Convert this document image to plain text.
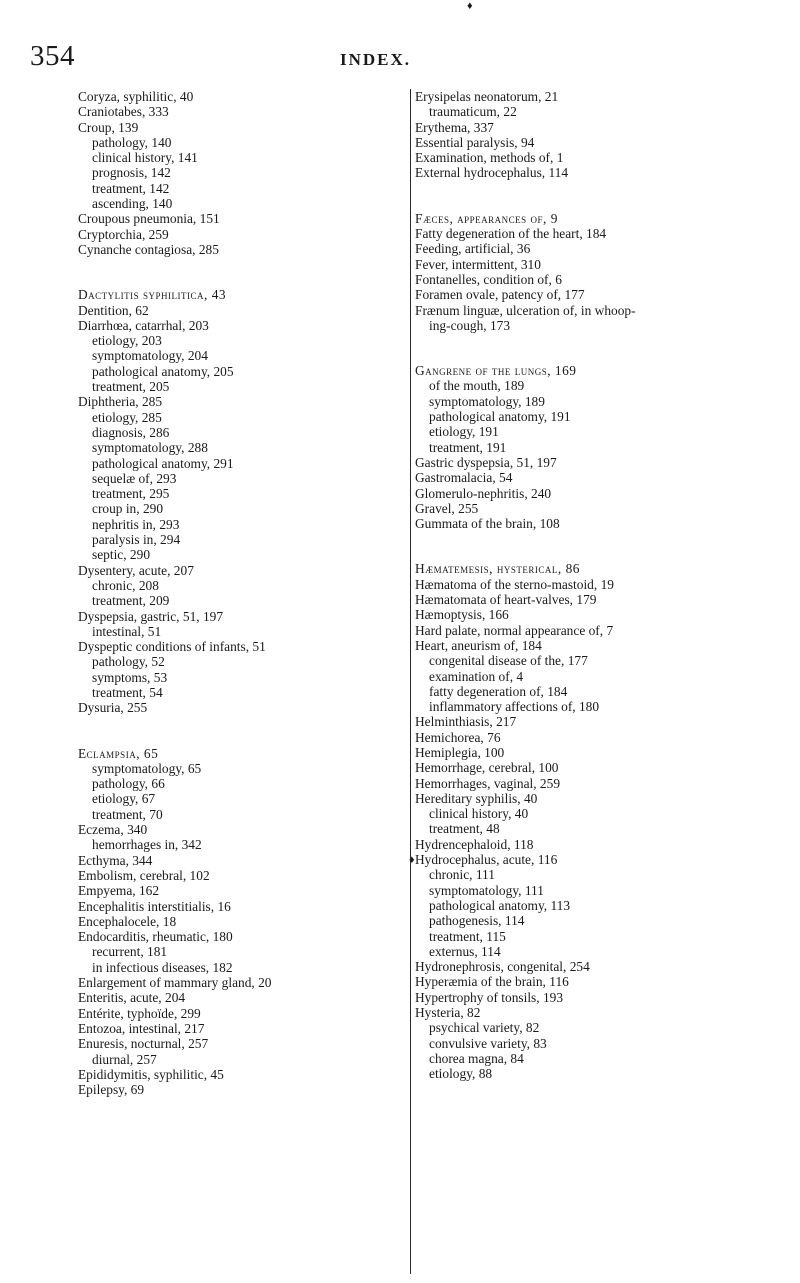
354	INDEX.
♦
♦
Coryza, syphilitic, 40
Craniotabes, 333
Croup, 139
pathology, 140
clinical history, 141
prognosis, 142
treatment, 142
ascending, 140
Croupous pneumonia, 151
Cryptorchia, 259
Cynanche contagiosa, 285
Dactylitis syphilitica, 43
Dentition, 62
Diarrhœa, catarrhal, 203
etiology, 203
symptomatology, 204
pathological anatomy, 205
treatment, 205
Diphtheria, 285
etiology, 285
diagnosis, 286
symptomatology, 288
pathological anatomy, 291
sequelæ of, 293
treatment, 295
croup in, 290
nephritis in, 293
paralysis in, 294
septic, 290
Dysentery, acute, 207
chronic, 208
treatment, 209
Dyspepsia, gastric, 51, 197
intestinal, 51
Dyspeptic conditions of infants, 51
pathology, 52
symptoms, 53
treatment, 54
Dysuria, 255
Eclampsia, 65
symptomatology, 65
pathology, 66
etiology, 67
treatment, 70
Eczema, 340
hemorrhages in, 342
Ecthyma, 344
Embolism, cerebral, 102
Empyema, 162
Encephalitis interstitialis, 16
Encephalocele, 18
Endocarditis, rheumatic, 180
recurrent, 181
in infectious diseases, 182
Enlargement of mammary gland, 20
Enteritis, acute, 204
Entérite, typhoïde, 299
Entozoa, intestinal, 217
Enuresis, nocturnal, 257
diurnal, 257
Epididymitis, syphilitic, 45
Epilepsy, 69
Erysipelas neonatorum, 21
traumaticum, 22
Erythema, 337
Essential paralysis, 94
Examination, methods of, 1
External hydrocephalus, 114
Fæces, appearances of, 9
Fatty degeneration of the heart, 184
Feeding, artificial, 36
Fever, intermittent, 310
Fontanelles, condition of, 6
Foramen ovale, patency of, 177
Frænum linguæ, ulceration of, in whoop-
ing-cough, 173
Gangrene of the lungs, 169
of the mouth, 189
symptomatology, 189
pathological anatomy, 191
etiology, 191
treatment, 191
Gastric dyspepsia, 51, 197
Gastromalacia, 54
Glomerulo-nephritis, 240
Gravel, 255
Gummata of the brain, 108
Hæmatemesis, hysterical, 86
Hæmatoma of the sterno-mastoid, 19
Hæmatomata of heart-valves, 179
Hæmoptysis, 166
Hard palate, normal appearance of, 7
Heart, aneurism of, 184
congenital disease of the, 177
examination of, 4
fatty degeneration of, 184
inflammatory affections of, 180
Helminthiasis, 217
Hemichorea, 76
Hemiplegia, 100
Hemorrhage, cerebral, 100
Hemorrhages, vaginal, 259
Hereditary syphilis, 40
clinical history, 40
treatment, 48
Hydrencephaloid, 118
Hydrocephalus, acute, 116
chronic, 111
symptomatology, 111
pathological anatomy, 113
pathogenesis, 114
treatment, 115
externus, 114
Hydronephrosis, congenital, 254
Hyperæmia of the brain, 116
Hypertrophy of tonsils, 193
Hysteria, 82
psychical variety, 82
convulsive variety, 83
chorea magna, 84
etiology, 88
